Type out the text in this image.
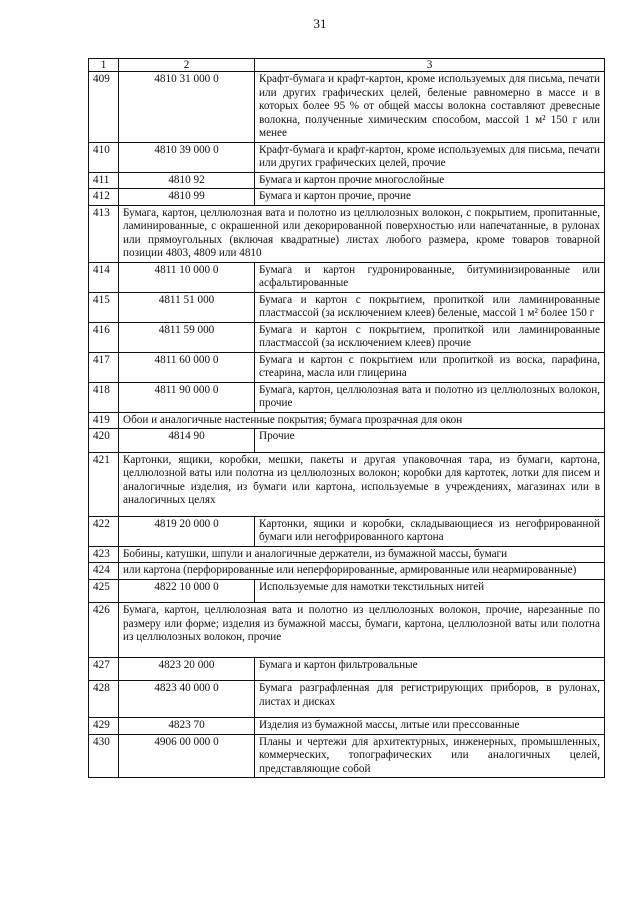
31
1	2	3
409	4810 31 000 0	Крафт-бумага и крафт-картон, кроме используемых для письма, печати или других графических целей, беленые равномерно в массе и в которых более 95 % от общей массы волокна составляют древесные волокна, полученные химическим способом, массой 1 м² 150 г или менее
410	4810 39 000 0	Крафт-бумага и крафт-картон, кроме используемых для письма, печати или других графических целей, прочие
411	4810 92	Бумага и картон прочие многослойные
412	4810 99	Бумага и картон прочие, прочие
413	Бумага, картон, целлюлозная вата и полотно из целлюлозных волокон, с покрытием, пропитанные, ламинированные, с окрашенной или декорированной поверхностью или напечатанные, в рулонах или прямоугольных (включая квадратные) листах любого размера, кроме товаров товарной позиции 4803, 4809 или 4810	
414	4811 10 000 0	Бумага и картон гудронированные, битуминизированные или асфальтированные
415	4811 51 000	Бумага и картон с покрытием, пропиткой или ламинированные пластмассой (за исключением клеев) беленые, массой 1 м² более 150 г
416	4811 59 000	Бумага и картон с покрытием, пропиткой или ламинированные пластмассой (за исключением клеев) прочие
417	4811 60 000 0	Бумага и картон с покрытием или пропиткой из воска, парафина, стеарина, масла или глицерина
418	4811 90 000 0	Бумага, картон, целлюлозная вата и полотно из целлюлозных волокон, прочие
419	Обои и аналогичные настенные покрытия; бумага прозрачная для окон	
420	4814 90	Прочие
421	Картонки, ящики, коробки, мешки, пакеты и другая упаковочная тара, из бумаги, картона, целлюлозной ваты или полотна из целлюлозных волокон; коробки для картотек, лотки для писем и аналогичные изделия, из бумаги или картона, используемые в учреждениях, магазинах или в аналогичных целях	
422	4819 20 000 0	Картонки, ящики и коробки, складывающиеся из негофрированной бумаги или негофрированного картона
423	Бобины, катушки, шпули и аналогичные держатели, из бумажной массы, бумаги	
424	или картона (перфорированные или неперфорированные, армированные или неармированные)	
425	4822 10 000 0	Используемые для намотки текстильных нитей
426	Бумага, картон, целлюлозная вата и полотно из целлюлозных волокон, прочие, нарезанные по размеру или форме; изделия из бумажной массы, бумаги, картона, целлюлозной ваты или полотна из целлюлозных волокон, прочие	
427	4823 20 000	Бумага и картон фильтровальные
428	4823 40 000 0	Бумага разграфленная для регистрирующих приборов, в рулонах, листах и дисках
429	4823 70	Изделия из бумажной массы, литые или прессованные
430	4906 00 000 0	Планы и чертежи для архитектурных, инженерных, промышленных, коммерческих, топографических или аналогичных целей, представляющие собой
